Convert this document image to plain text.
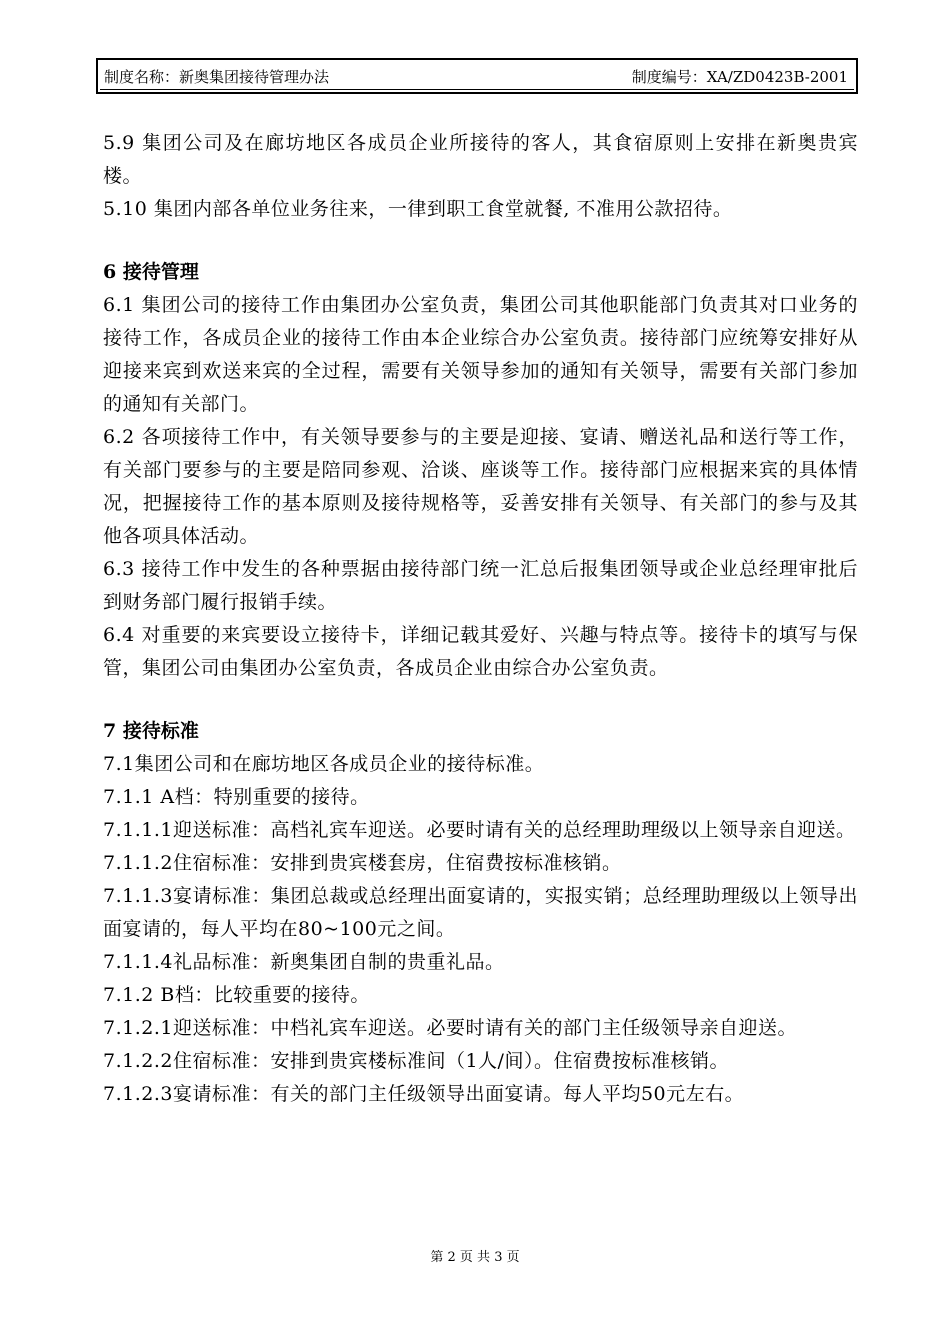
制度名称：新奥集团接待管理办法	制度编号：XA/ZD0423B-2001

5.9 集团公司及在廊坊地区各成员企业所接待的客人，其食宿原则上安排在新奥贵宾楼。

5.10 集团内部各单位业务往来，一律到职工食堂就餐, 不准用公款招待。

6 接待管理

6.1 集团公司的接待工作由集团办公室负责，集团公司其他职能部门负责其对口业务的接待工作，各成员企业的接待工作由本企业综合办公室负责。接待部门应统筹安排好从迎接来宾到欢送来宾的全过程，需要有关领导参加的通知有关领导，需要有关部门参加的通知有关部门。

6.2 各项接待工作中，有关领导要参与的主要是迎接、宴请、赠送礼品和送行等工作，有关部门要参与的主要是陪同参观、洽谈、座谈等工作。接待部门应根据来宾的具体情况，把握接待工作的基本原则及接待规格等，妥善安排有关领导、有关部门的参与及其他各项具体活动。

6.3 接待工作中发生的各种票据由接待部门统一汇总后报集团领导或企业总经理审批后到财务部门履行报销手续。

6.4 对重要的来宾要设立接待卡，详细记载其爱好、兴趣与特点等。接待卡的填写与保管，集团公司由集团办公室负责，各成员企业由综合办公室负责。

7 接待标准

7.1集团公司和在廊坊地区各成员企业的接待标准。

7.1.1 A档：特别重要的接待。

7.1.1.1迎送标准：高档礼宾车迎送。必要时请有关的总经理助理级以上领导亲自迎送。

7.1.1.2住宿标准：安排到贵宾楼套房，住宿费按标准核销。

7.1.1.3宴请标准：集团总裁或总经理出面宴请的，实报实销；总经理助理级以上领导出面宴请的，每人平均在80~100元之间。

7.1.1.4礼品标准：新奥集团自制的贵重礼品。

7.1.2 B档：比较重要的接待。

7.1.2.1迎送标准：中档礼宾车迎送。必要时请有关的部门主任级领导亲自迎送。

7.1.2.2住宿标准：安排到贵宾楼标准间（1人/间）。住宿费按标准核销。

7.1.2.3宴请标准：有关的部门主任级领导出面宴请。每人平均50元左右。

第 2 页 共 3 页
